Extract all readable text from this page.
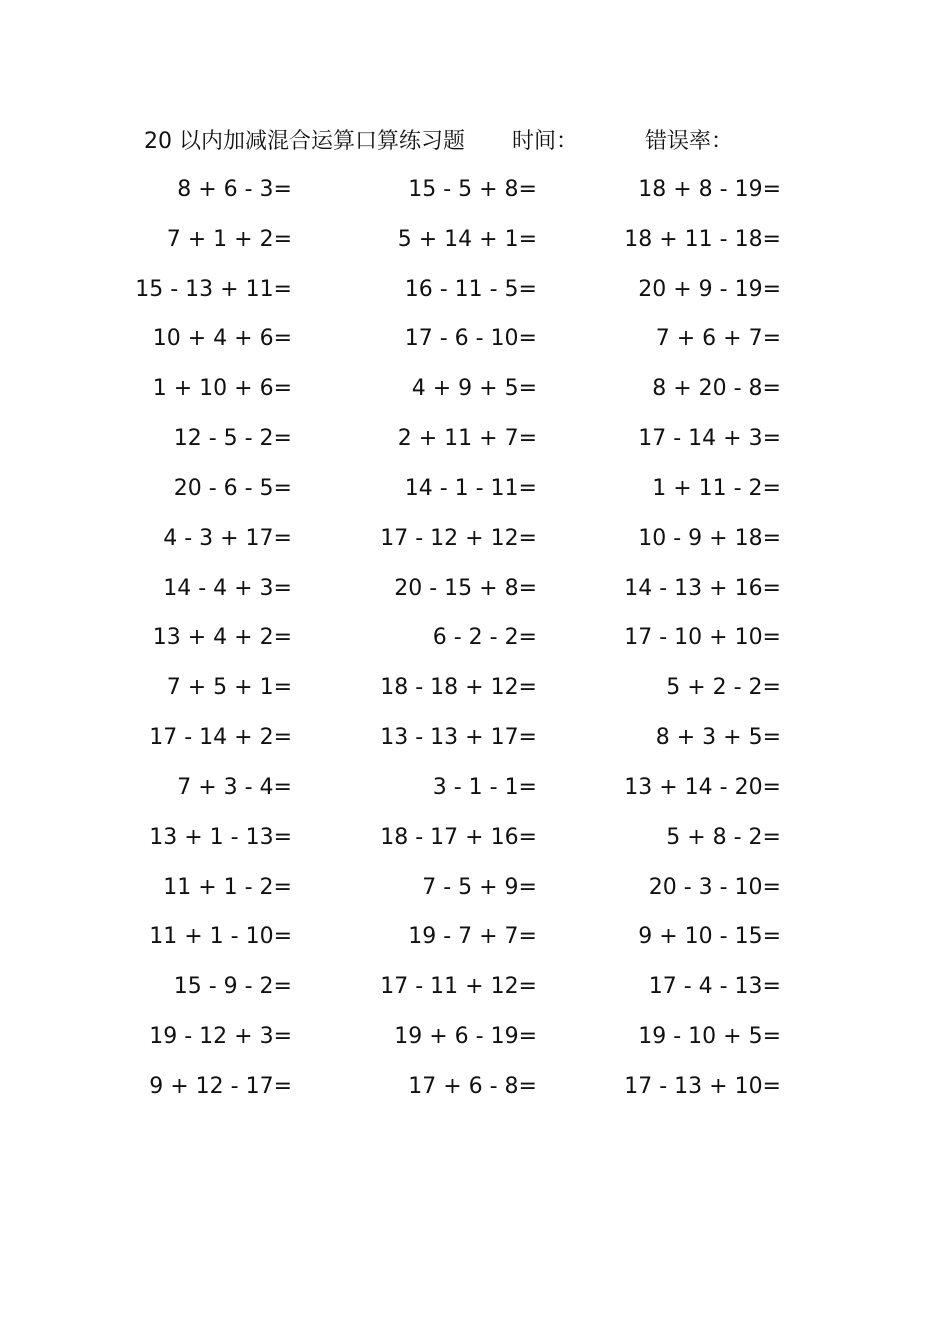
20 以内加减混合运算口算练习题 时间：	错误率：
8 + 6 - 3=	15 - 5 + 8=	18 + 8 - 19=
7 + 1 + 2=	5 + 14 + 1=	18 + 11 - 18=
15 - 13 + 11=	16 - 11 - 5=	20 + 9 - 19=
10 + 4 + 6=	17 - 6 - 10=	7 + 6 + 7=
1 + 10 + 6=	4 + 9 + 5=	8 + 20 - 8=
12 - 5 - 2=	2 + 11 + 7=	17 - 14 + 3=
20 - 6 - 5=	14 - 1 - 11=	1 + 11 - 2=
4 - 3 + 17=	17 - 12 + 12=	10 - 9 + 18=
14 - 4 + 3=	20 - 15 + 8=	14 - 13 + 16=
13 + 4 + 2=	6 - 2 - 2=	17 - 10 + 10=
7 + 5 + 1=	18 - 18 + 12=	5 + 2 - 2=
17 - 14 + 2=	13 - 13 + 17=	8 + 3 + 5=
7 + 3 - 4=	3 - 1 - 1=	13 + 14 - 20=
13 + 1 - 13=	18 - 17 + 16=	5 + 8 - 2=
11 + 1 - 2=	7 - 5 + 9=	20 - 3 - 10=
11 + 1 - 10=	19 - 7 + 7=	9 + 10 - 15=
15 - 9 - 2=	17 - 11 + 12=	17 - 4 - 13=
19 - 12 + 3=	19 + 6 - 19=	19 - 10 + 5=
9 + 12 - 17=	17 + 6 - 8=	17 - 13 + 10=
